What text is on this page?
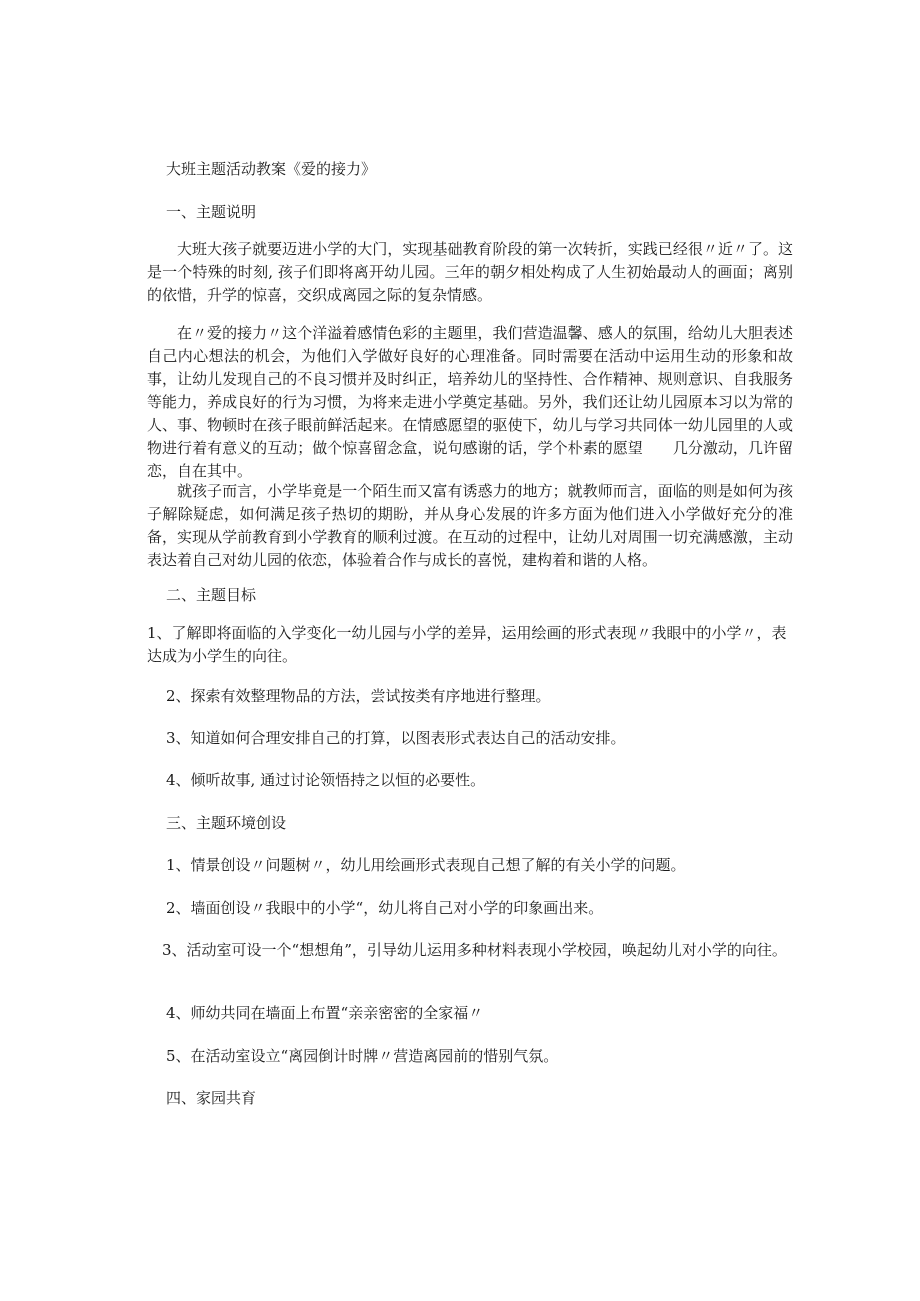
大班主题活动教案《爱的接力》
一、主题说明

大班大孩子就要迈进小学的大门，实现基础教育阶段的第一次转折，实践已经很〃近〃了。这是一个特殊的时刻, 孩子们即将离开幼儿园。三年的朝夕相处构成了人生初始最动人的画面；离别的依惜，升学的惊喜，交织成离园之际的复杂情感。

在〃爱的接力〃这个洋溢着感情色彩的主题里，我们营造温馨、感人的氛围，给幼儿大胆表述自己内心想法的机会，为他们入学做好良好的心理准备。同时需要在活动中运用生动的形象和故事，让幼儿发现自己的不良习惯并及时纠正，培养幼儿的坚持性、合作精神、规则意识、自我服务等能力，养成良好的行为习惯，为将来走进小学奠定基础。另外，我们还让幼儿园原本习以为常的人、事、物顿时在孩子眼前鲜活起来。在情感愿望的驱使下，幼儿与学习共同体一幼儿园里的人或物进行着有意义的互动；做个惊喜留念盒，说句感谢的话，学个朴素的愿望　　几分激动，几许留恋，自在其中。

就孩子而言，小学毕竟是一个陌生而又富有诱惑力的地方；就教师而言，面临的则是如何为孩子解除疑虑，如何满足孩子热切的期盼，并从身心发展的许多方面为他们进入小学做好充分的准备，实现从学前教育到小学教育的顺利过渡。在互动的过程中，让幼儿对周围一切充满感激，主动表达着自己对幼儿园的依恋，体验着合作与成长的喜悦，建构着和谐的人格。

二、主题目标

1、了解即将面临的入学变化一幼儿园与小学的差异，运用绘画的形式表现〃我眼中的小学〃，表达成为小学生的向往。

2、探索有效整理物品的方法，尝试按类有序地进行整理。
3、知道如何合理安排自己的打算，以图表形式表达自己的活动安排。
4、倾听故事, 通过讨论领悟持之以恒的必要性。
三、主题环境创设
1、情景创设〃问题树〃，幼儿用绘画形式表现自己想了解的有关小学的问题。
2、墙面创设〃我眼中的小学“，幼儿将自己对小学的印象画出来。

3、活动室可设一个“想想角”，引导幼儿运用多种材料表现小学校园，唤起幼儿对小学的向往。

4、师幼共同在墙面上布置“亲亲密密的全家福〃
5、在活动室设立“离园倒计时牌〃营造离园前的惜别气氛。
四、家园共育
